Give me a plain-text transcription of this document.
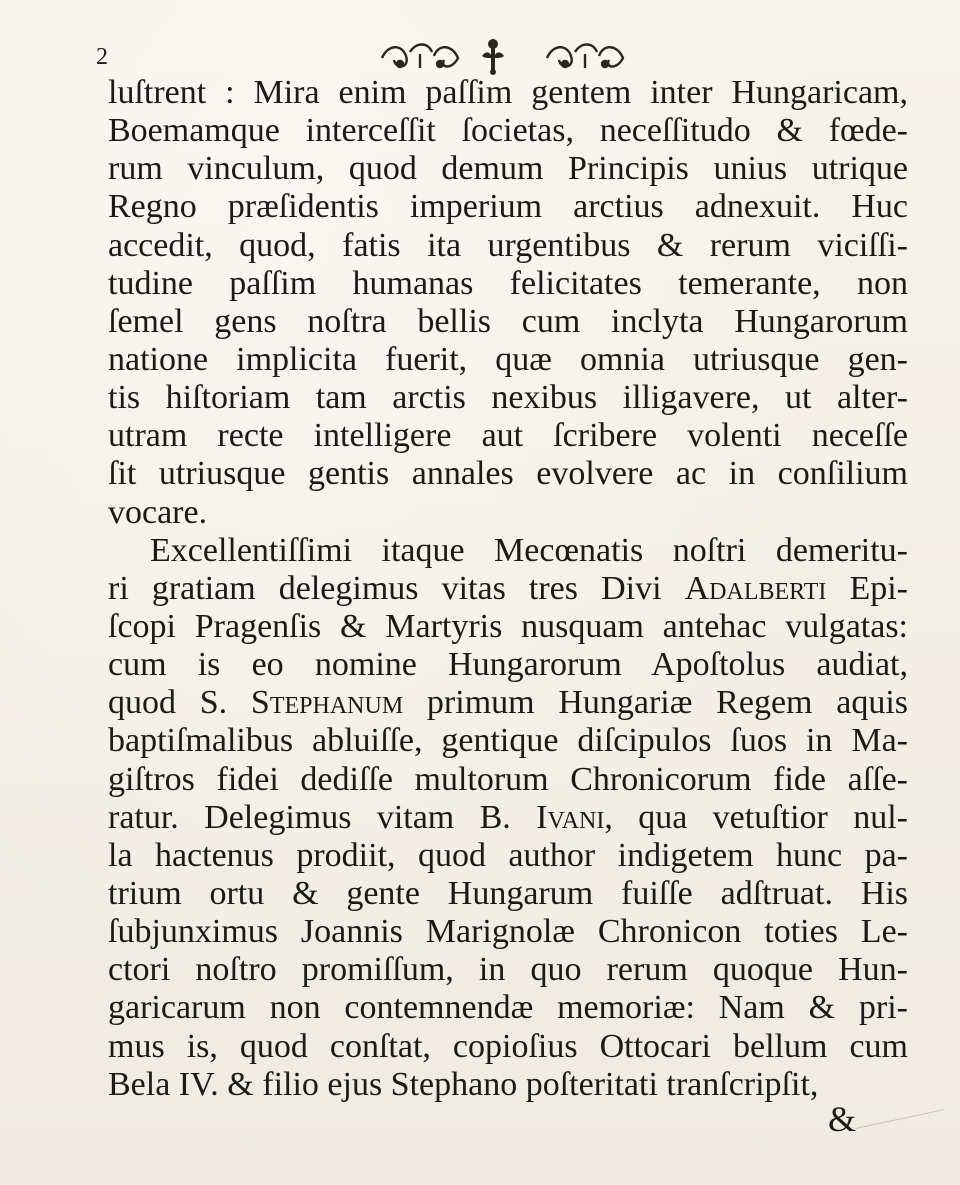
2
luſtrent : Mira enim paſſim gentem inter Hungaricam,
Boemamque interceſſit ſocietas, neceſſitudo & fœde-
rum vinculum, quod demum Principis unius utrique
Regno præſidentis imperium arctius adnexuit. Huc
accedit, quod, fatis ita urgentibus & rerum viciſſi-
tudine paſſim humanas felicitates temerante, non
ſemel gens noſtra bellis cum inclyta Hungarorum
natione implicita fuerit, quæ omnia utriusque gen-
tis hiſtoriam tam arctis nexibus illigavere, ut alter-
utram recte intelligere aut ſcribere volenti neceſſe
ſit utriusque gentis annales evolvere ac in conſilium
vocare.
Excellentiſſimi itaque Mecœnatis noſtri demeritu-
ri gratiam delegimus vitas tres Divi Adalberti Epi-
ſcopi Pragenſis & Martyris nusquam antehac vulgatas:
cum is eo nomine Hungarorum Apoſtolus audiat,
quod S. Stephanum primum Hungariæ Regem aquis
baptiſmalibus abluiſſe, gentique diſcipulos ſuos in Ma-
giſtros fidei dediſſe multorum Chronicorum fide aſſe-
ratur. Delegimus vitam B. Ivani, qua vetuſtior nul-
la hactenus prodiit, quod author indigetem hunc pa-
trium ortu & gente Hungarum fuiſſe adſtruat. His
ſubjunximus Joannis Marignolæ Chronicon toties Le-
ctori noſtro promiſſum, in quo rerum quoque Hun-
garicarum non contemnendæ memoriæ: Nam & pri-
mus is, quod conſtat, copioſius Ottocari bellum cum
Bela IV. & filio ejus Stephano poſteritati tranſcripſit,
&
